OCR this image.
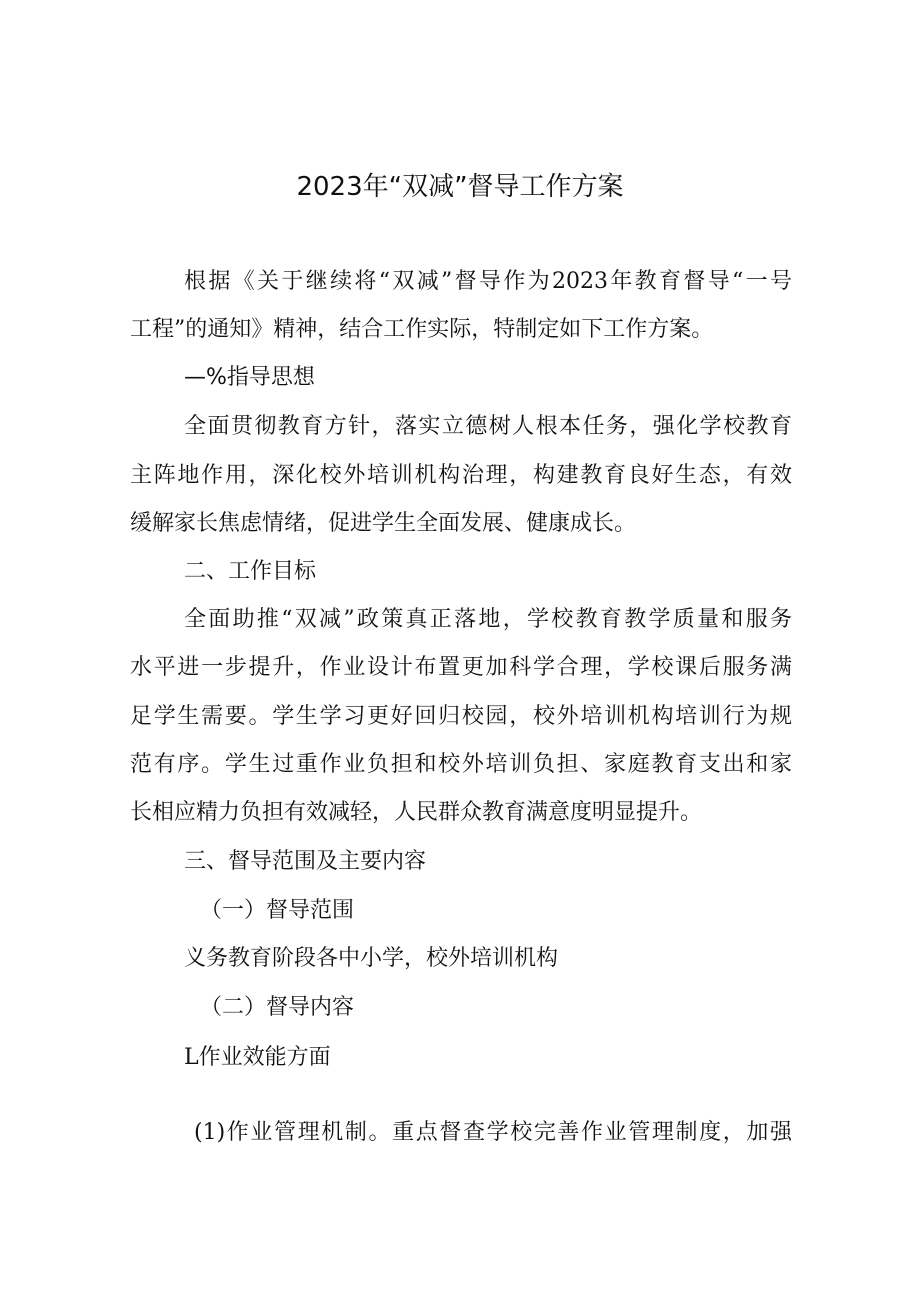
2023年“双减”督导工作方案
根据《关于继续将“双减”督导作为2023年教育督导“一号
工程”的通知》精神，结合工作实际，特制定如下工作方案。
—%指导思想
全面贯彻教育方针，落实立德树人根本任务，强化学校教育
主阵地作用，深化校外培训机构治理，构建教育良好生态，有效
缓解家长焦虑情绪，促进学生全面发展、健康成长。
二、工作目标
全面助推“双减”政策真正落地，学校教育教学质量和服务
水平进一步提升，作业设计布置更加科学合理，学校课后服务满
足学生需要。学生学习更好回归校园，校外培训机构培训行为规
范有序。学生过重作业负担和校外培训负担、家庭教育支出和家
长相应精力负担有效减轻，人民群众教育满意度明显提升。
三、督导范围及主要内容
（一）督导范围
义务教育阶段各中小学，校外培训机构
（二）督导内容
L作业效能方面
(1)作业管理机制。重点督查学校完善作业管理制度，加强
